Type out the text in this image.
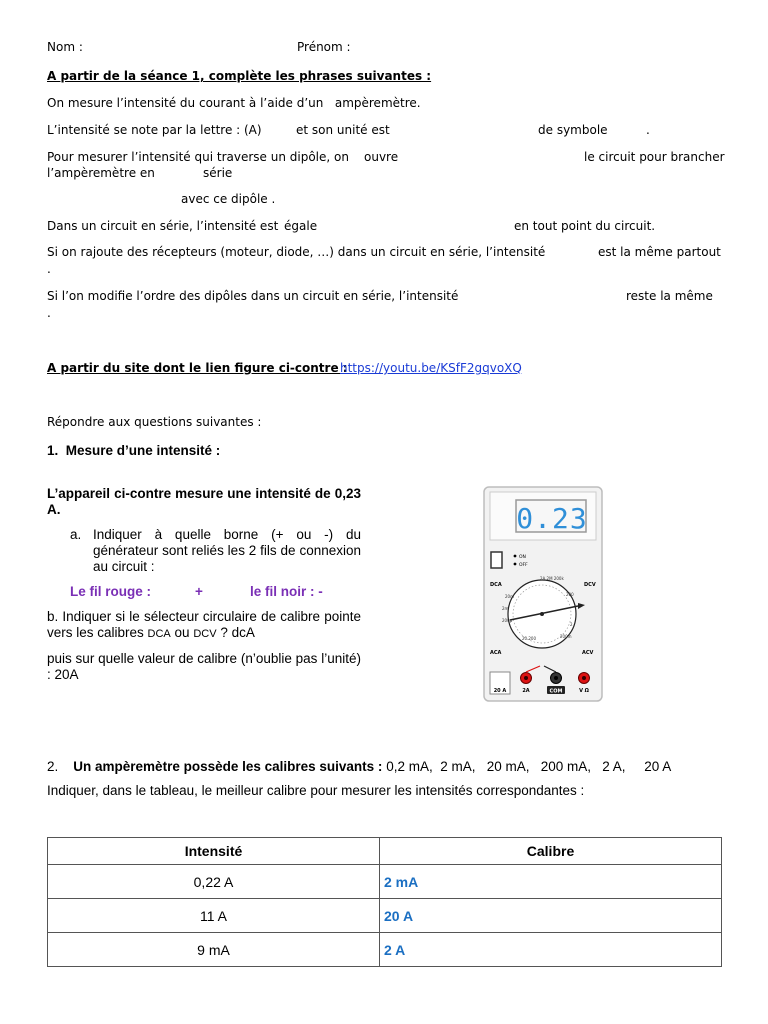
Nom :	Prénom :
A partir de la séance 1, complète les phrases suivantes :
On mesure l’intensité du courant à l’aide d’un ampèremètre.
L’intensité se note par la lettre : (A)	et son unité est	de symbole	.
Pour mesurer l’intensité qui traverse un dipôle, on ouvre	le circuit pour brancher
l’ampèremètre en	série
avec ce dipôle .
Dans un circuit en série, l’intensité est égale	en tout point du circuit.
Si on rajoute des récepteurs (moteur, diode, …) dans un circuit en série, l’intensité	est la même partout
.
Si l’on modifie l’ordre des dipôles dans un circuit en série, l’intensité	reste la même
.
A partir du site dont le lien figure ci-contre :
https://youtu.be/KSfF2gqvoXQ
Répondre aux questions suivantes :
1. Mesure d’une intensité :
L’appareil ci-contre mesure une intensité de 0,23 A.
a. Indiquer à quelle borne (+ ou -) du générateur sont reliés les 2 fils de connexion au circuit :
Le fil rouge :	+	le fil noir : -
b. Indiquer si le sélecteur circulaire de calibre pointe vers les calibres DCA ou DCV ? dcA
puis sur quelle valeur de calibre (n’oublie pas l’unité) : 20A
0.23
ON
OFF
DCA	DCV
2A 2M 200k
20m
2m
200µ
200
2
200m
20 200
ACA	ACV
20 A	2A	COM	V Ω
2. Un ampèremètre possède les calibres suivants : 0,2 mA,  2 mA,   20 mA,   200 mA,   2 A,     20 A
Indiquer, dans le tableau, le meilleur calibre pour mesurer les intensités correspondantes :
Intensité	Calibre
0,22 A	2 mA
11 A	20 A
9 mA	2 A
